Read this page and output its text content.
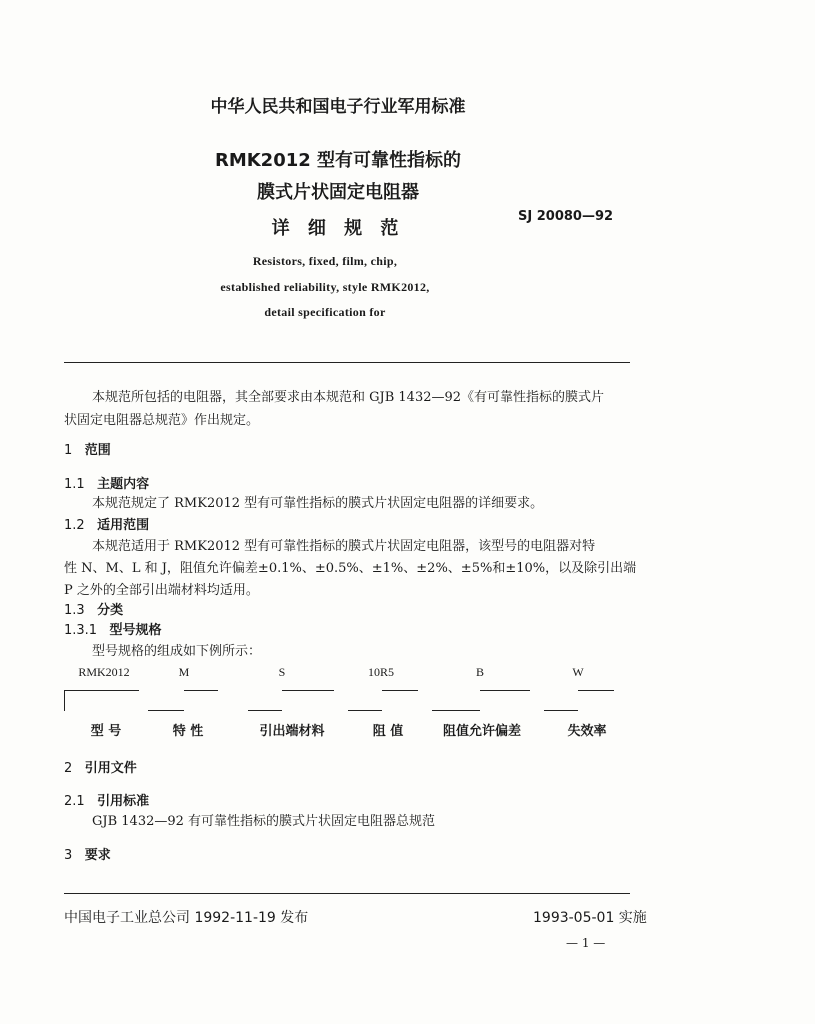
中华人民共和国电子行业军用标准
RMK2012 型有可靠性指标的
膜式片状固定电阻器
详 细 规 范
SJ 20080—92
Resistors, fixed, film, chip,
established reliability, style RMK2012,
detail specification for
本规范所包括的电阻器，其全部要求由本规范和 GJB 1432—92《有可靠性指标的膜式片
状固定电阻器总规范》作出规定。
1 范围
1.1 主题内容
本规范规定了 RMK2012 型有可靠性指标的膜式片状固定电阻器的详细要求。
1.2 适用范围
本规范适用于 RMK2012 型有可靠性指标的膜式片状固定电阻器，该型号的电阻器对特
性 N、M、L 和 J，阻值允许偏差±0.1%、±0.5%、±1%、±2%、±5%和±10%，以及除引出端
P 之外的全部引出端材料均适用。
1.3 分类
1.3.1 型号规格
型号规格的组成如下例所示：
RMK2012	M	S	10R5	B	W
型 号	特 性	引出端材料	阻 值	阻值允许偏差	失效率
2 引用文件
2.1 引用标准
GJB 1432—92 有可靠性指标的膜式片状固定电阻器总规范
3 要求
中国电子工业总公司 1992-11-19 发布	1993-05-01 实施
— 1 —
